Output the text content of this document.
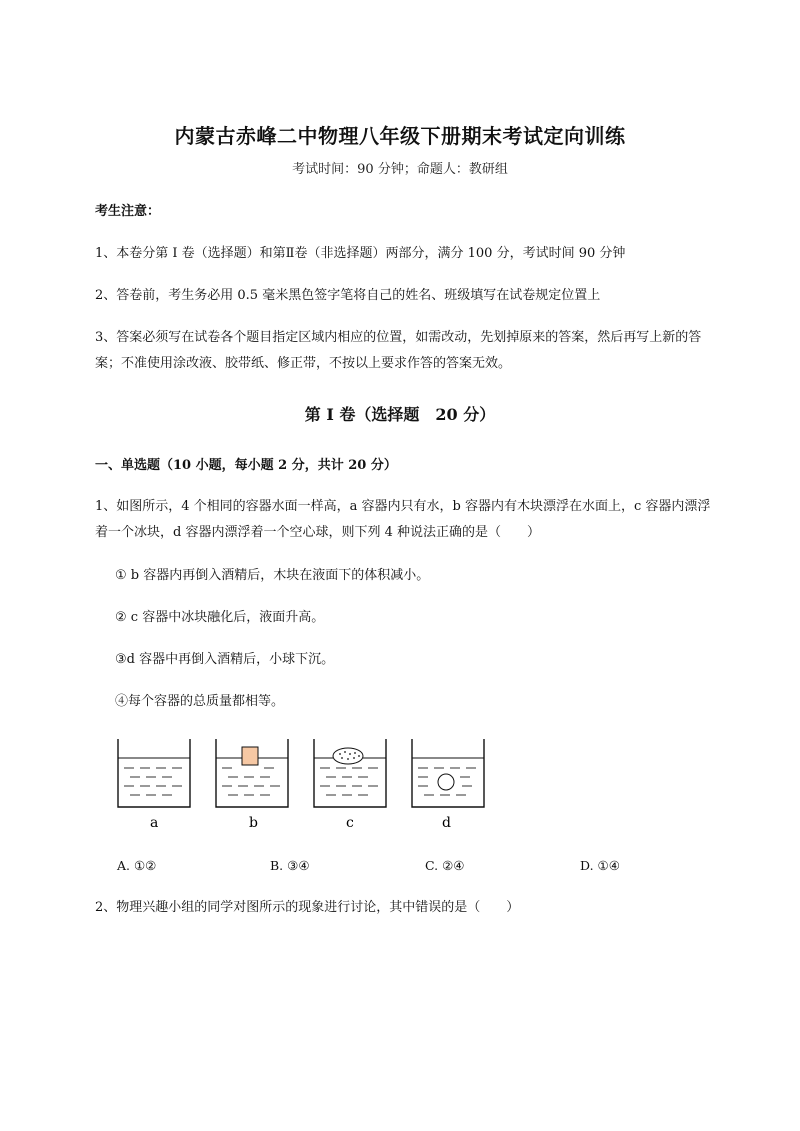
内蒙古赤峰二中物理八年级下册期末考试定向训练
考试时间：90 分钟；命题人：教研组
考生注意：
1、本卷分第 I 卷（选择题）和第Ⅱ卷（非选择题）两部分，满分 100 分，考试时间 90 分钟
2、答卷前，考生务必用 0.5 毫米黑色签字笔将自己的姓名、班级填写在试卷规定位置上
3、答案必须写在试卷各个题目指定区域内相应的位置，如需改动，先划掉原来的答案，然后再写上新的答案；不准使用涂改液、胶带纸、修正带，不按以上要求作答的答案无效。
第 I 卷（选择题　20 分）
一、单选题（10 小题，每小题 2 分，共计 20 分）
1、如图所示，4 个相同的容器水面一样高，a 容器内只有水，b 容器内有木块漂浮在水面上，c 容器内漂浮着一个冰块，d 容器内漂浮着一个空心球，则下列 4 种说法正确的是（　　）
① b 容器内再倒入酒精后，木块在液面下的体积减小。
② c 容器中冰块融化后，液面升高。
③d 容器中再倒入酒精后，小球下沉。
④每个容器的总质量都相等。
a	b	c	d
A. ①②	B. ③④	C. ②④	D. ①④
2、物理兴趣小组的同学对图所示的现象进行讨论，其中错误的是（　　）
